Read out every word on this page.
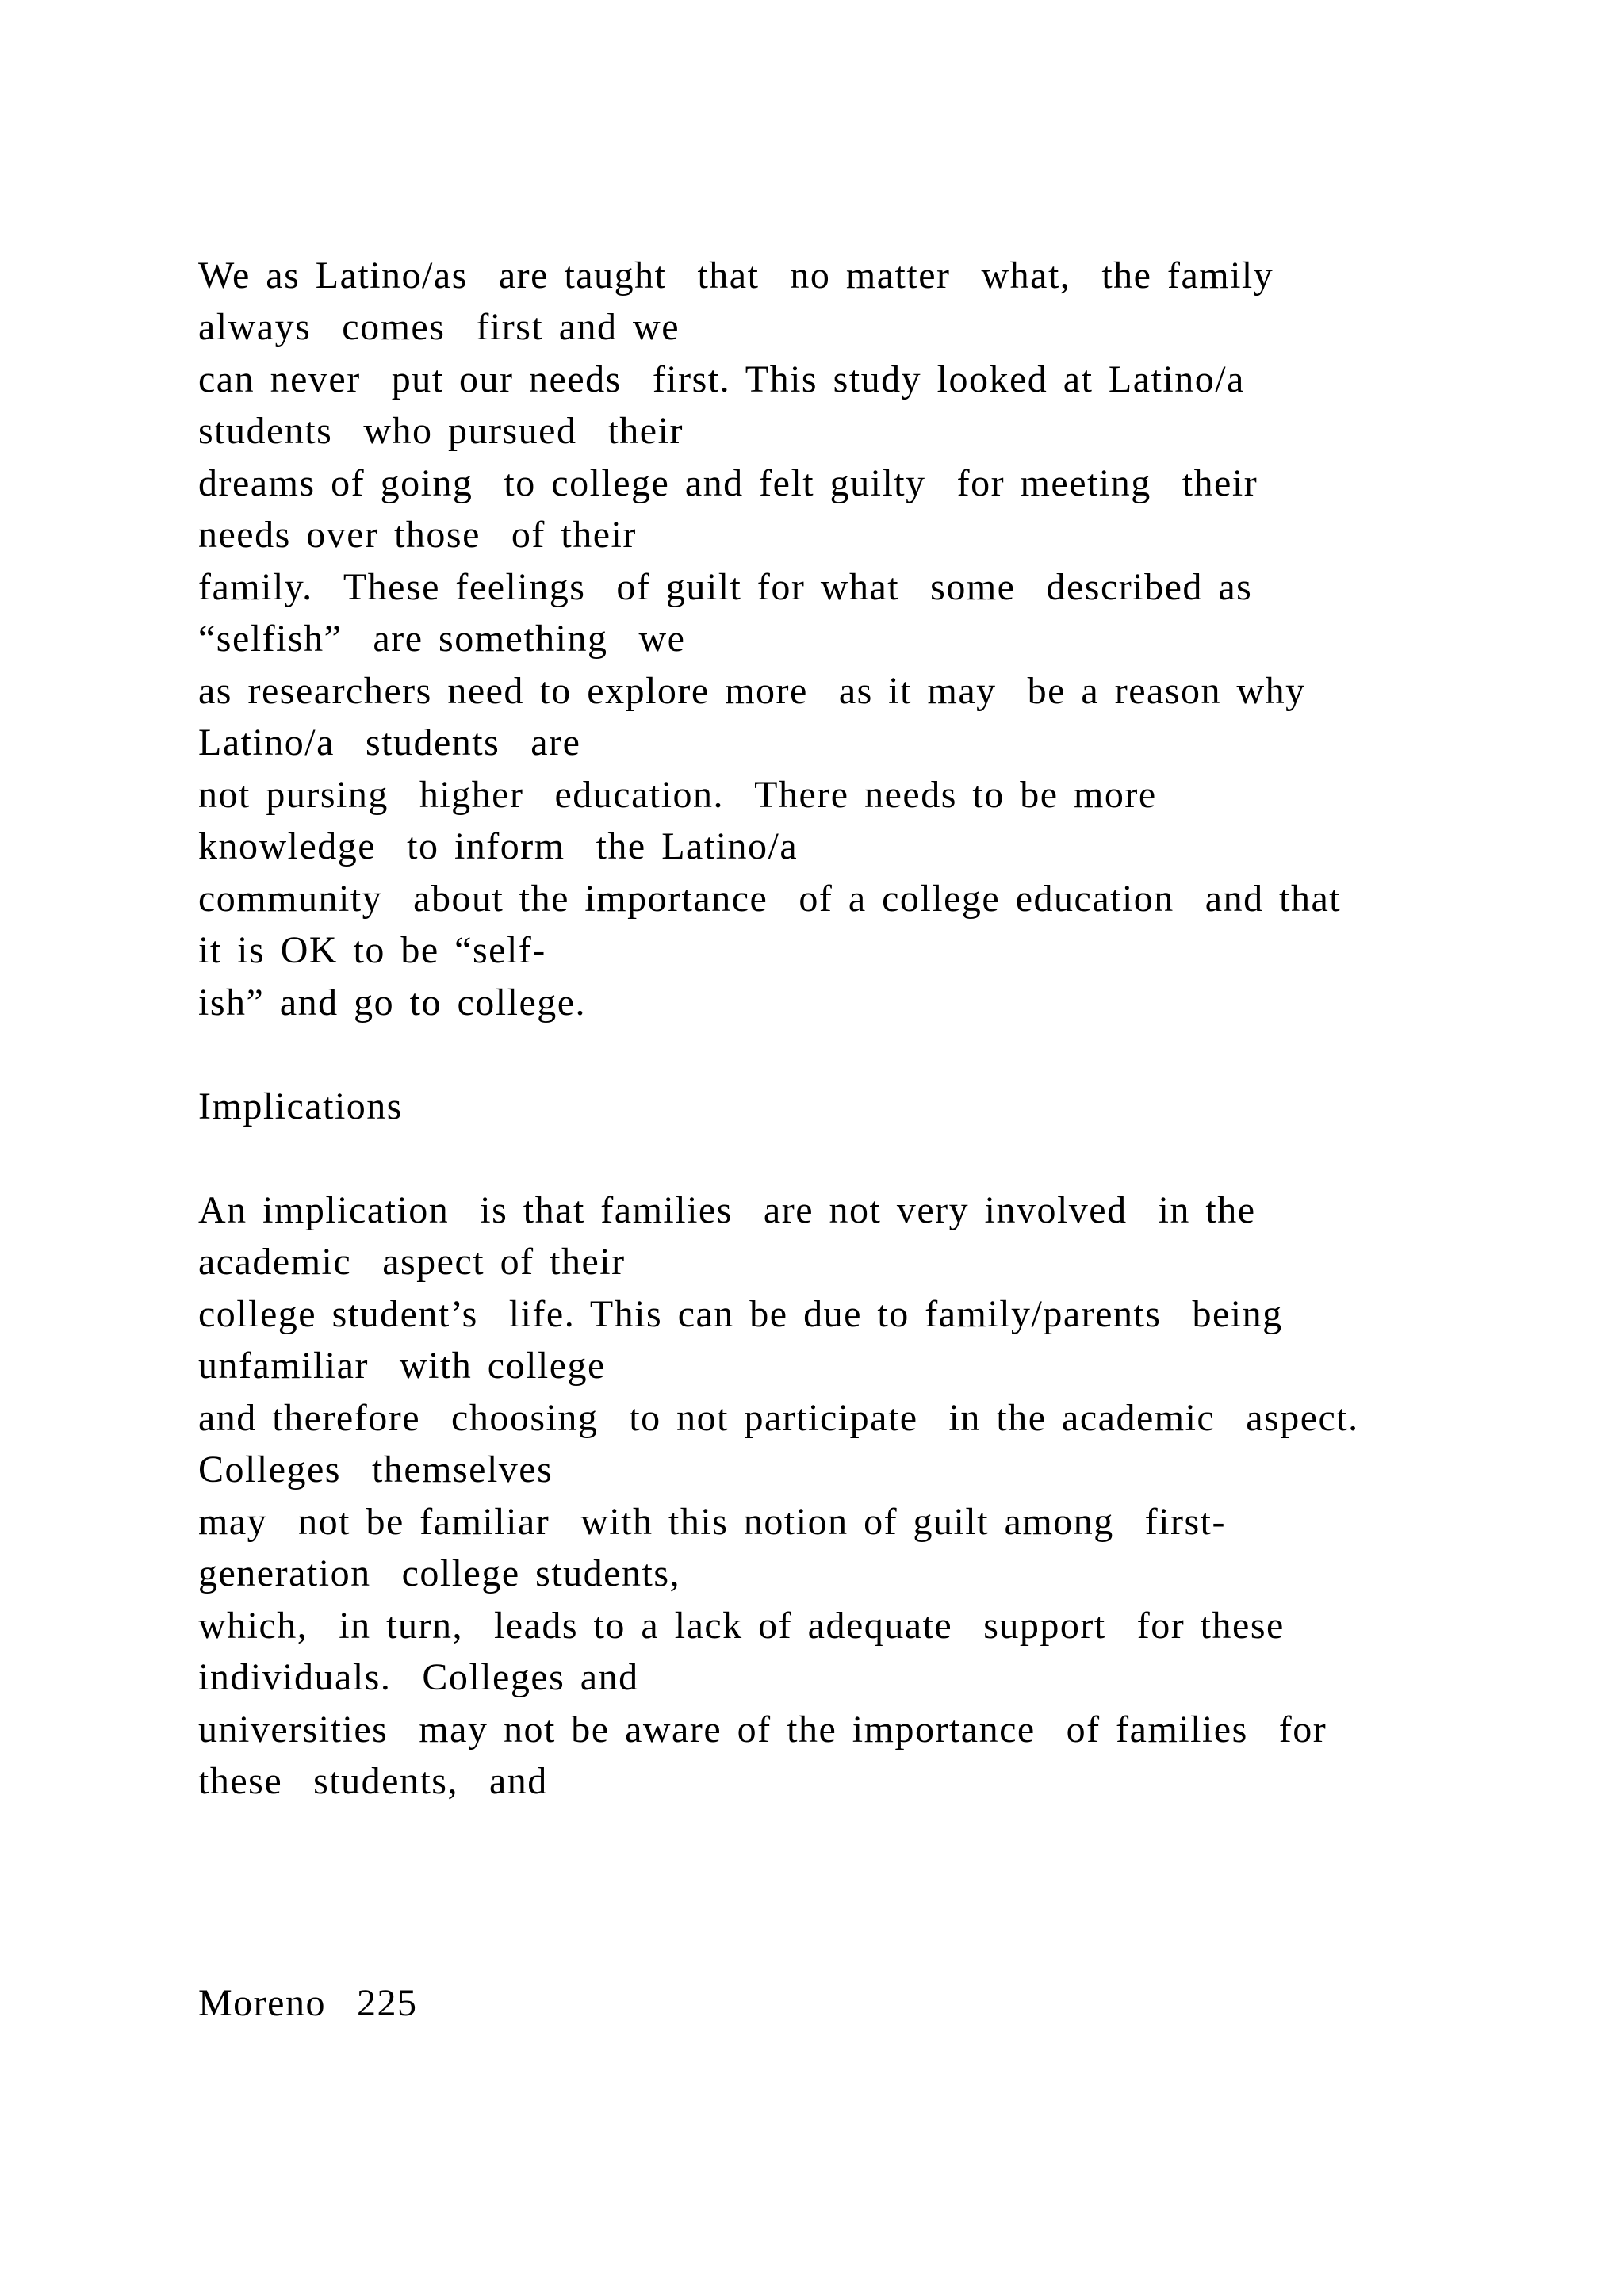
We as Latino/as  are taught  that  no matter  what,  the family
always  comes  first and we
can never  put our needs  first. This study looked at Latino/a
students  who pursued  their
dreams of going  to college and felt guilty  for meeting  their
needs over those  of their
family.  These feelings  of guilt for what  some  described as
“selfish”  are something  we
as researchers need to explore more  as it may  be a reason why
Latino/a  students  are
not pursing  higher  education.  There needs to be more
knowledge  to inform  the Latino/a
community  about the importance  of a college education  and that
it is OK to be “self-
ish” and go to college.
Implications
An implication  is that families  are not very involved  in the
academic  aspect of their
college student’s  life. This can be due to family/parents  being
unfamiliar  with college
and therefore  choosing  to not participate  in the academic  aspect.
Colleges  themselves
may  not be familiar  with this notion of guilt among  first-
generation  college students,
which,  in turn,  leads to a lack of adequate  support  for these
individuals.  Colleges and
universities  may not be aware of the importance  of families  for
these  students,  and
Moreno  225
